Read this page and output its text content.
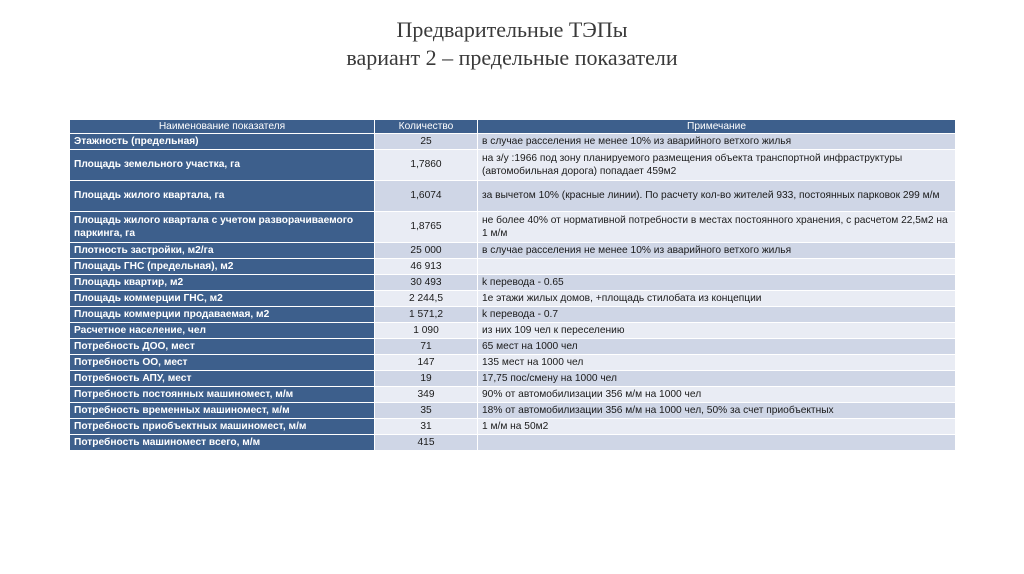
Предварительные ТЭПы
вариант 2 – предельные показатели
Наименование показателя	Количество	Примечание
Этажность (предельная)	25	в случае расселения не менее 10% из аварийного ветхого жилья
Площадь земельного участка, га	1,7860	на з/у :1966 под зону планируемого размещения объекта транспортной инфраструктуры (автомобильная дорога) попадает 459м2
Площадь жилого квартала, га	1,6074	за вычетом 10% (красные линии). По расчету кол-во жителей 933, постоянных парковок 299 м/м
Площадь жилого квартала с учетом разворачиваемого паркинга, га	1,8765	не более 40% от нормативной потребности в местах постоянного хранения, с расчетом 22,5м2 на 1 м/м
Плотность застройки, м2/га	25 000	в случае расселения не менее 10% из аварийного ветхого жилья
Площадь ГНС (предельная), м2	46 913	
Площадь квартир, м2	30 493	k перевода - 0.65
Площадь коммерции ГНС, м2	2 244,5	1е этажи жилых домов, +площадь стилобата из концепции
Площадь коммерции продаваемая, м2	1 571,2	k перевода - 0.7
Расчетное население, чел	1 090	из них 109 чел к переселению
Потребность ДОО, мест	71	65 мест на 1000 чел
Потребность ОО, мест	147	135 мест на 1000 чел
Потребность АПУ, мест	19	17,75 пос/смену на 1000 чел
Потребность постоянных машиномест, м/м	349	90% от автомобилизации 356 м/м на 1000 чел
Потребность временных машиномест, м/м	35	18% от автомобилизации 356 м/м на 1000 чел, 50% за счет приобъектных
Потребность приобъектных машиномест, м/м	31	1 м/м на 50м2
Потребность машиномест всего, м/м	415	
